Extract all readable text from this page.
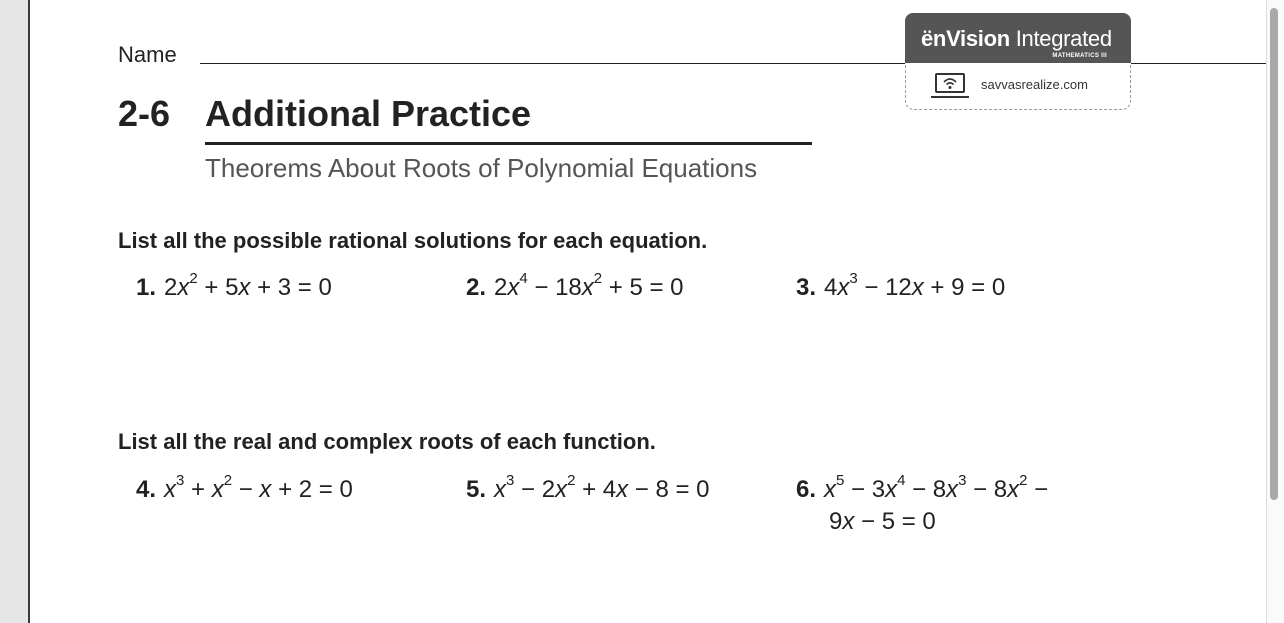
Name
2-6 Additional Practice
Theorems About Roots of Polynomial Equations
ënVision Integrated
MATHEMATICS III
savvasrealize.com
List all the possible rational solutions for each equation.
1. $2x^2 + 5x + 3 = 0$	2. $2x^4 - 18x^2 + 5 = 0$	3. $4x^3 - 12x + 9 = 0$
List all the real and complex roots of each function.
4. $x^3 + x^2 - x + 2 = 0$	5. $x^3 - 2x^2 + 4x - 8 = 0$	6. $x^5 - 3x^4 - 8x^3 - 8x^2$ −
9x − 5 = 0
